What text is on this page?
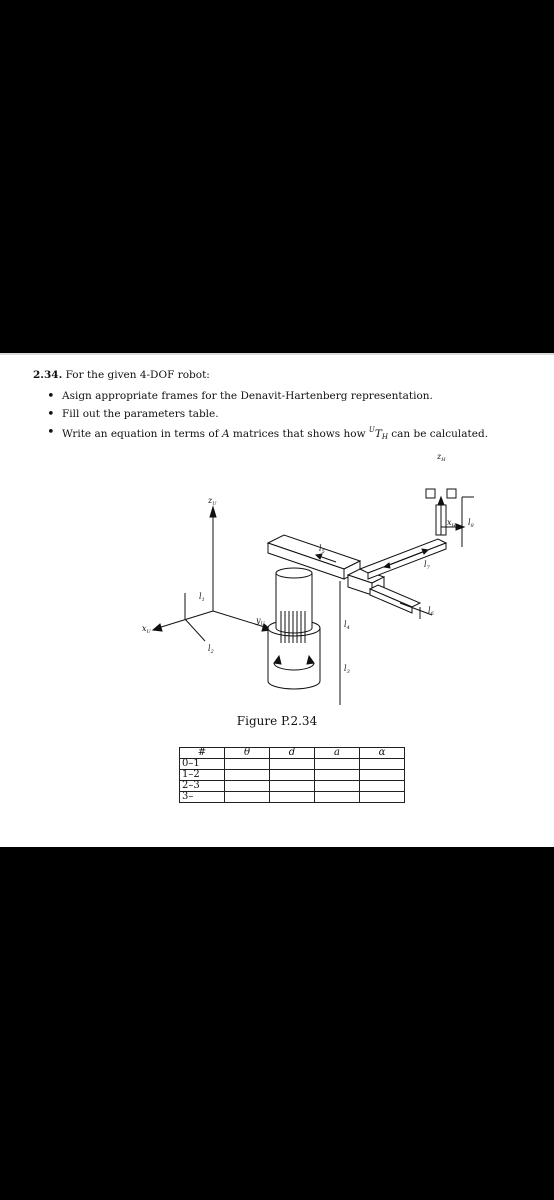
2.34. For the given 4-DOF robot:
• Asign appropriate frames for the Denavit-Hartenberg representation.
• Fill out the parameters table.
• Write an equation in terms of A matrices that shows how $^UT_H$ can be calculated.
$z_U$
$x_U$
$y_U$
$l_1$
$l_2$
$l_3$
$l_4$
$l_5$
$l_6$
$l_7$
$l_8$
$z_H$
$x_H$
Figure P.2.34
#	θ	d	a	α
0–1				
1–2				
2–3				
3–				
